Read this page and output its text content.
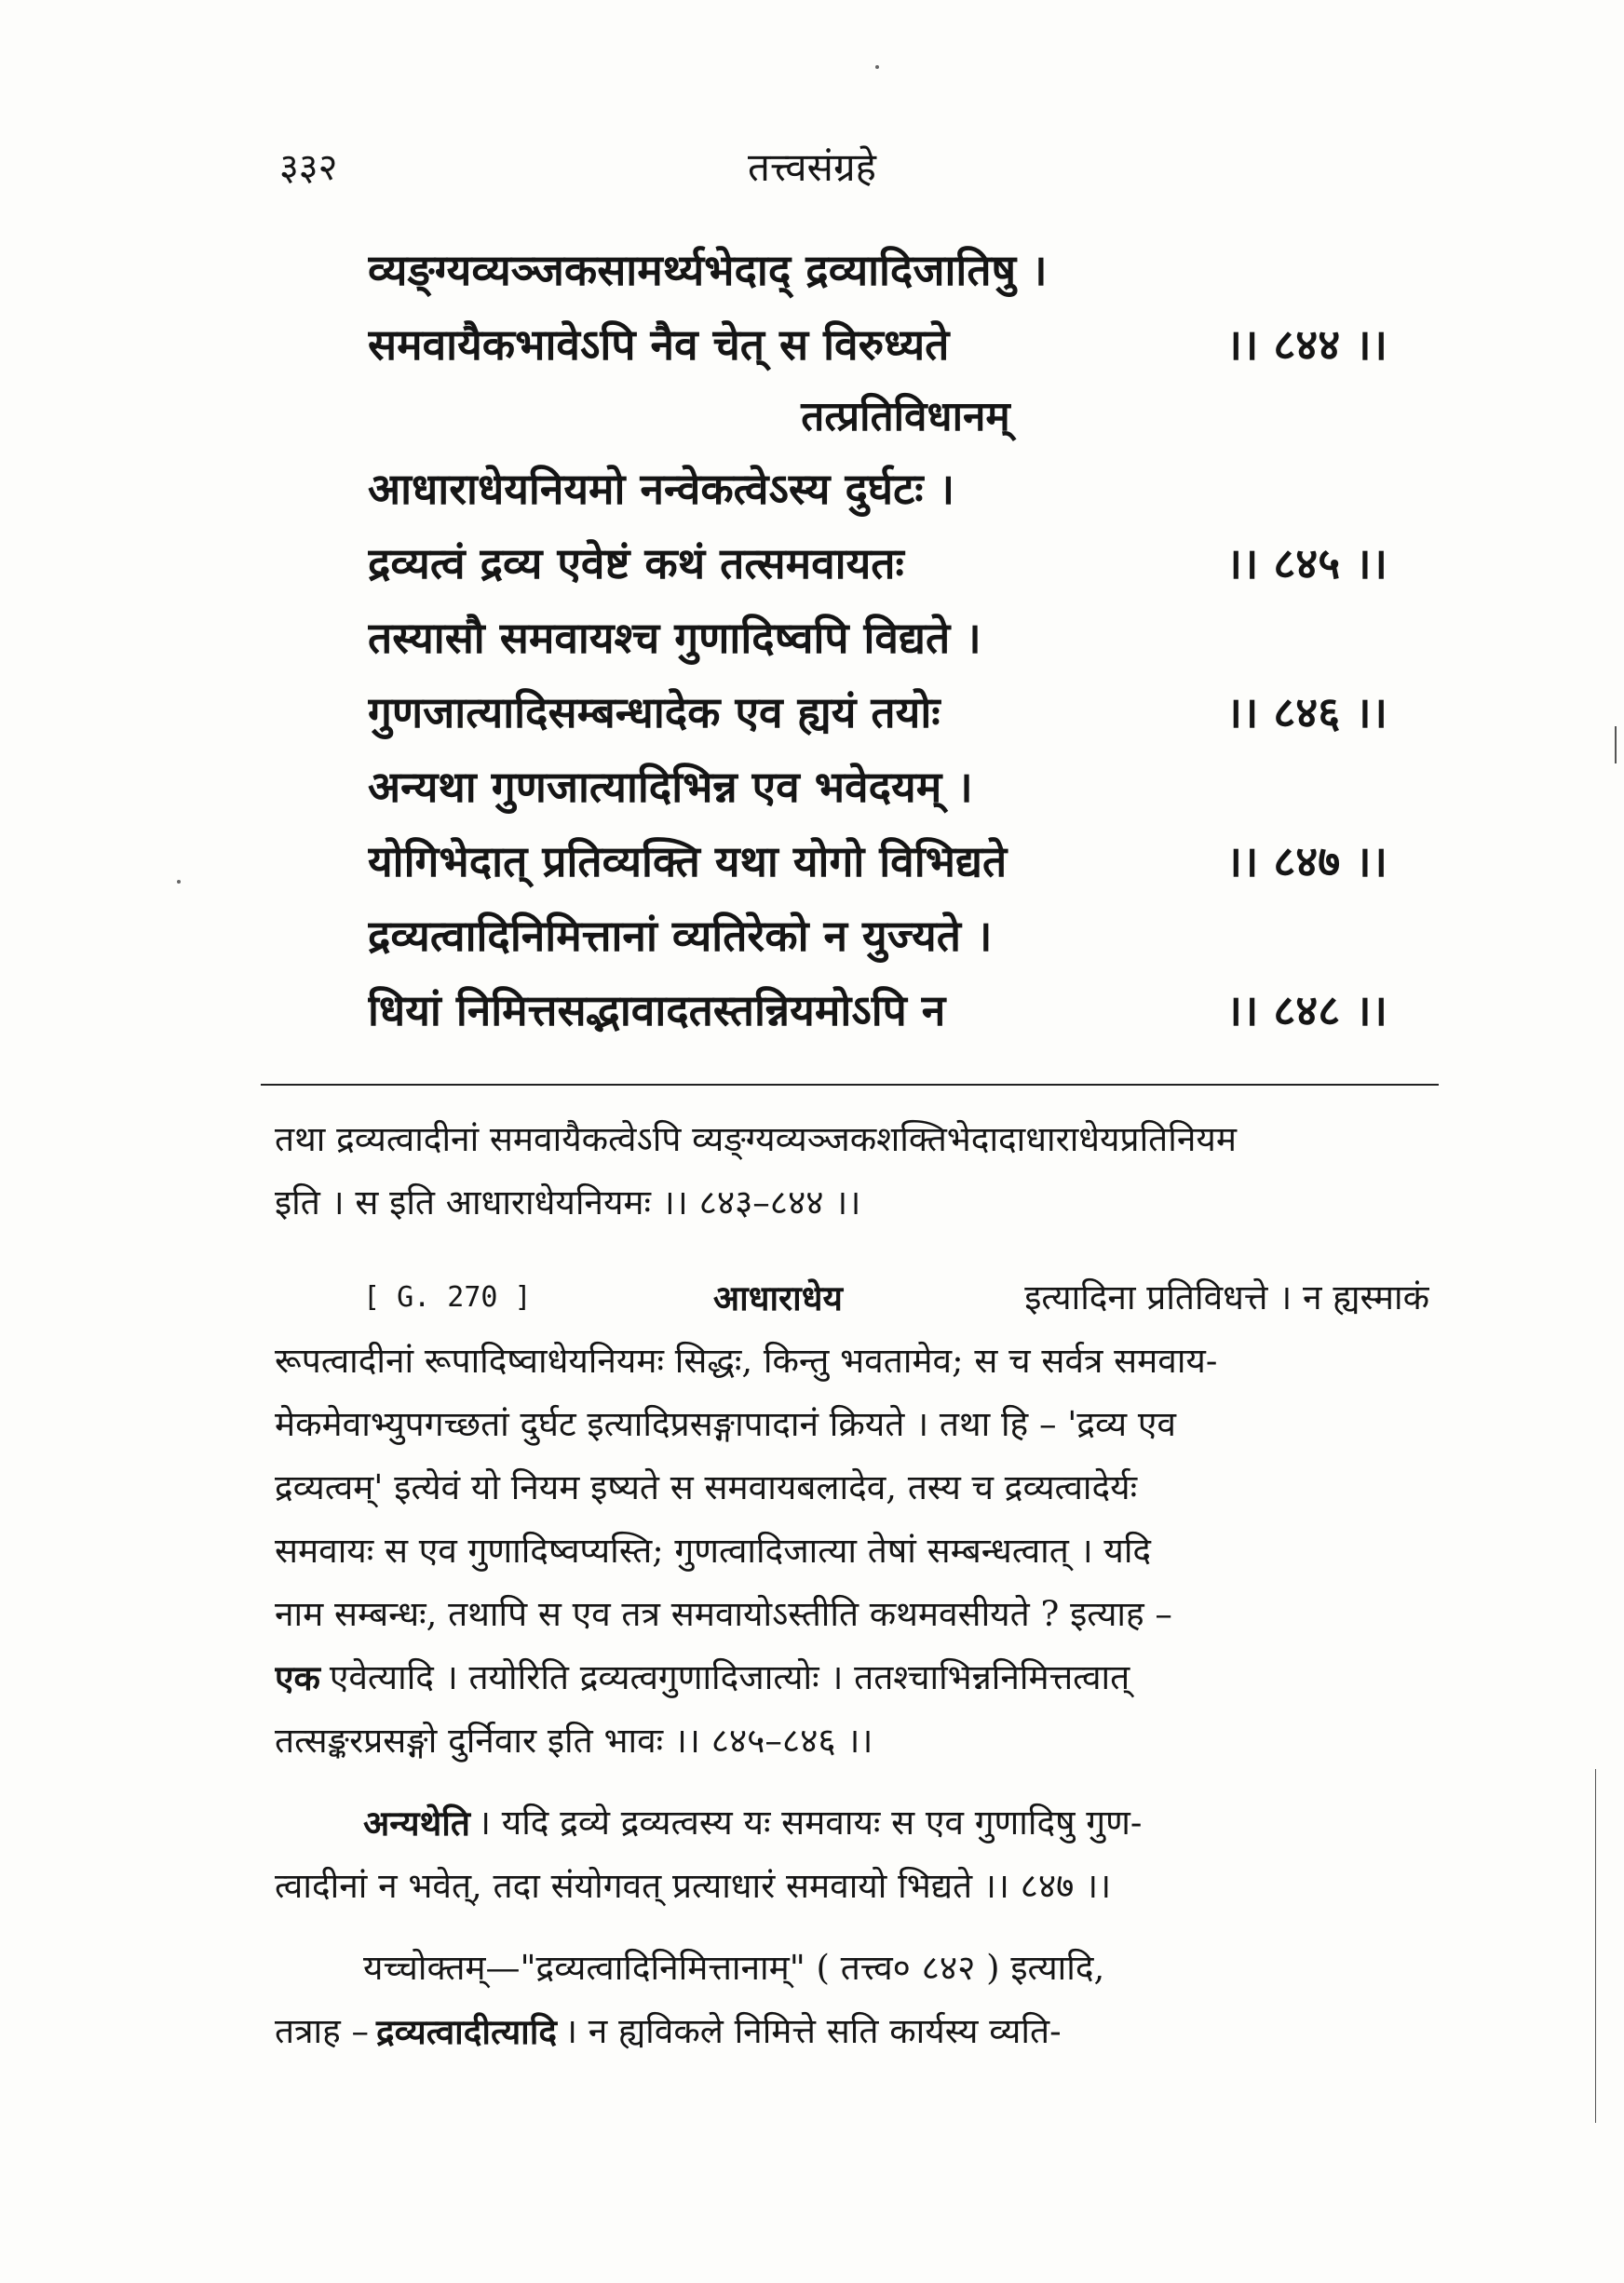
३३२	तत्त्वसंग्रहे
व्यङ्ग्यव्यञ्जकसामर्थ्यभेदाद् द्रव्यादिजातिषु ।
समवायैकभावेऽपि नैव चेत् स विरुध्यते	।। ८४४ ।।
तत्प्रतिविधानम्
आधाराधेयनियमो नन्वेकत्वेऽस्य दुर्घटः ।
द्रव्यत्वं द्रव्य एवेष्टं कथं तत्समवायतः	।। ८४५ ।।
तस्यासौ समवायश्च गुणादिष्वपि विद्यते ।
गुणजात्यादिसम्बन्धादेक एव ह्ययं तयोः	।। ८४६ ।।
अन्यथा गुणजात्यादिभिन्न एव भवेदयम् ।
योगिभेदात् प्रतिव्यक्ति यथा योगो विभिद्यते	।। ८४७ ।।
द्रव्यत्वादिनिमित्तानां व्यतिरेको न युज्यते ।
धियां निमित्तसद्भावादतस्तन्नियमोऽपि न	।। ८४८ ।।
तथा द्रव्यत्वादीनां समवायैकत्वेऽपि व्यङ्ग्यव्यञ्जकशक्तिभेदादाधाराधेयप्रतिनियम
इति । स इति आधाराधेयनियमः ।। ८४३–८४४ ।।
[ G. 270 ]	आधाराधेय	इत्यादिना प्रतिविधत्ते । न ह्यस्माकं
रूपत्वादीनां रूपादिष्वाधेयनियमः सिद्धः, किन्तु भवतामेव; स च सर्वत्र समवाय-
मेकमेवाभ्युपगच्छतां दुर्घट इत्यादिप्रसङ्गापादानं क्रियते । तथा हि – 'द्रव्य एव
द्रव्यत्वम्' इत्येवं यो नियम इष्यते स समवायबलादेव, तस्य च द्रव्यत्वादेर्यः
समवायः स एव गुणादिष्वप्यस्ति; गुणत्वादिजात्या तेषां सम्बन्धत्वात् । यदि
नाम सम्बन्धः, तथापि स एव तत्र समवायोऽस्तीति कथमवसीयते ? इत्याह –
एक एवेत्यादि । तयोरिति द्रव्यत्वगुणादिजात्योः । ततश्चाभिन्ननिमित्तत्वात्
तत्सङ्करप्रसङ्गो दुर्निवार इति भावः ।। ८४५–८४६ ।।
अन्यथेति । यदि द्रव्ये द्रव्यत्वस्य यः समवायः स एव गुणादिषु गुण-
त्वादीनां न भवेत्, तदा संयोगवत् प्रत्याधारं समवायो भिद्यते ।। ८४७ ।।
यच्चोक्तम्—"द्रव्यत्वादिनिमित्तानाम्" ( तत्त्व० ८४२ ) इत्यादि,
तत्राह – द्रव्यत्वादीत्यादि । न ह्यविकले निमित्ते सति कार्यस्य व्यति-
